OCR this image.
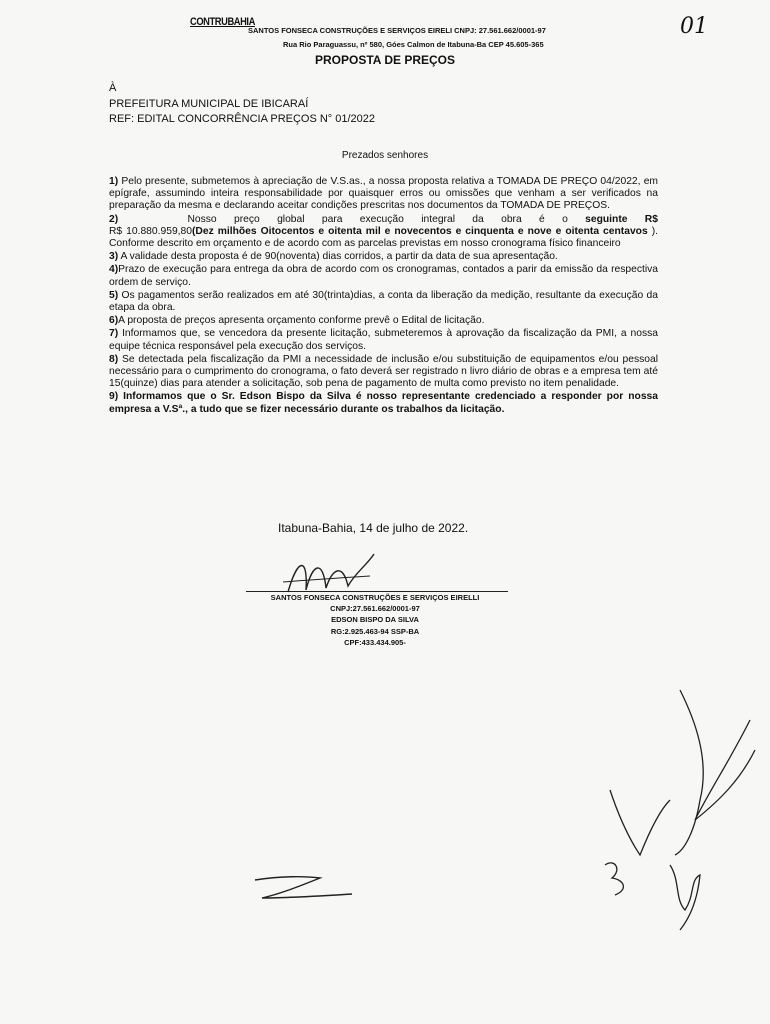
CONTRUBAHIA
SANTOS FONSECA CONSTRUÇÕES E SERVIÇOS EIRELI CNPJ: 27.561.662/0001-97
Rua Rio Paraguassu, nº 580, Góes Calmon de Itabuna-Ba CEP 45.605-365
PROPOSTA DE PREÇOS
01
À
PREFEITURA MUNICIPAL DE IBICARAÍ
REF: EDITAL CONCORRÊNCIA PREÇOS N° 01/2022
Prezados senhores

1) Pelo presente, submetemos à apreciação de V.S.as., a nossa proposta relativa a TOMADA DE PREÇO 04/2022, em epígrafe, assumindo inteira responsabilidade por quaisquer erros ou omissões que venham a ser verificados na preparação da mesma e declarando aceitar condições prescritas nos documentos da TOMADA DE PREÇOS.

2)	Nosso preço global para execução integral da obra é o seguinte R$
R$ 10.880.959,80(Dez milhões Oitocentos e oitenta mil e novecentos e cinquenta e nove e oitenta centavos ). Conforme descrito em orçamento e de acordo com as parcelas previstas em nosso cronograma físico financeiro

3) A validade desta proposta é de 90(noventa) dias corridos, a partir da data de sua apresentação.

4)Prazo de execução para entrega da obra de acordo com os cronogramas, contados a parir da emissão da respectiva ordem de serviço.

5) Os pagamentos serão realizados em até 30(trinta)dias, a conta da liberação da medição, resultante da execução da etapa da obra.

6)A proposta de preços apresenta orçamento conforme prevê o Edital de licitação.

7) Informamos que, se vencedora da presente licitação, submeteremos à aprovação da fiscalização da PMI, a nossa equipe técnica responsável pela execução dos serviços.

8) Se detectada pela fiscalização da PMI a necessidade de inclusão e/ou substituição de equipamentos e/ou pessoal necessário para o cumprimento do cronograma, o fato deverá ser registrado n livro diário de obras e a empresa tem até 15(quinze) dias para atender a solicitação, sob pena de pagamento de multa como previsto no item penalidade.

9) Informamos que o Sr. Edson Bispo da Silva é nosso representante credenciado a responder por nossa empresa a V.Sª., a tudo que se fizer necessário durante os trabalhos da licitação.

Itabuna-Bahia, 14 de julho de 2022.
SANTOS FONSECA CONSTRUÇÕES E SERVIÇOS EIRELLI
CNPJ:27.561.662/0001-97
EDSON BISPO DA SILVA
RG:2.925.463-94 SSP-BA
CPF:433.434.905-
